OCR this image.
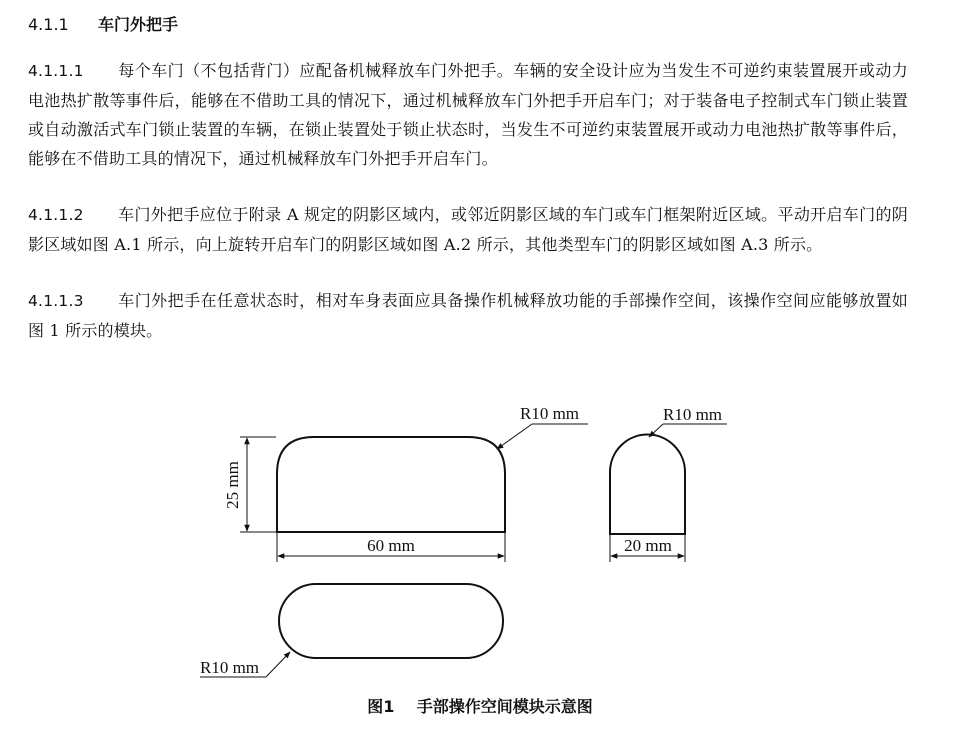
4.1.1 车门外把手
4.1.1.1 每个车门（不包括背门）应配备机械释放车门外把手。车辆的安全设计应为当发生不可逆约束装置展开或动力电池热扩散等事件后，能够在不借助工具的情况下，通过机械释放车门外把手开启车门；对于装备电子控制式车门锁止装置或自动激活式车门锁止装置的车辆，在锁止装置处于锁止状态时，当发生不可逆约束装置展开或动力电池热扩散等事件后，能够在不借助工具的情况下，通过机械释放车门外把手开启车门。
4.1.1.2 车门外把手应位于附录 A 规定的阴影区域内，或邻近阴影区域的车门或车门框架附近区域。平动开启车门的阴影区域如图 A.1 所示，向上旋转开启车门的阴影区域如图 A.2 所示，其他类型车门的阴影区域如图 A.3 所示。
4.1.1.3 车门外把手在任意状态时，相对车身表面应具备操作机械释放功能的手部操作空间，该操作空间应能够放置如图 1 所示的模块。
25 mm
60 mm
R10 mm
20 mm
R10 mm
R10 mm
图1 手部操作空间模块示意图
